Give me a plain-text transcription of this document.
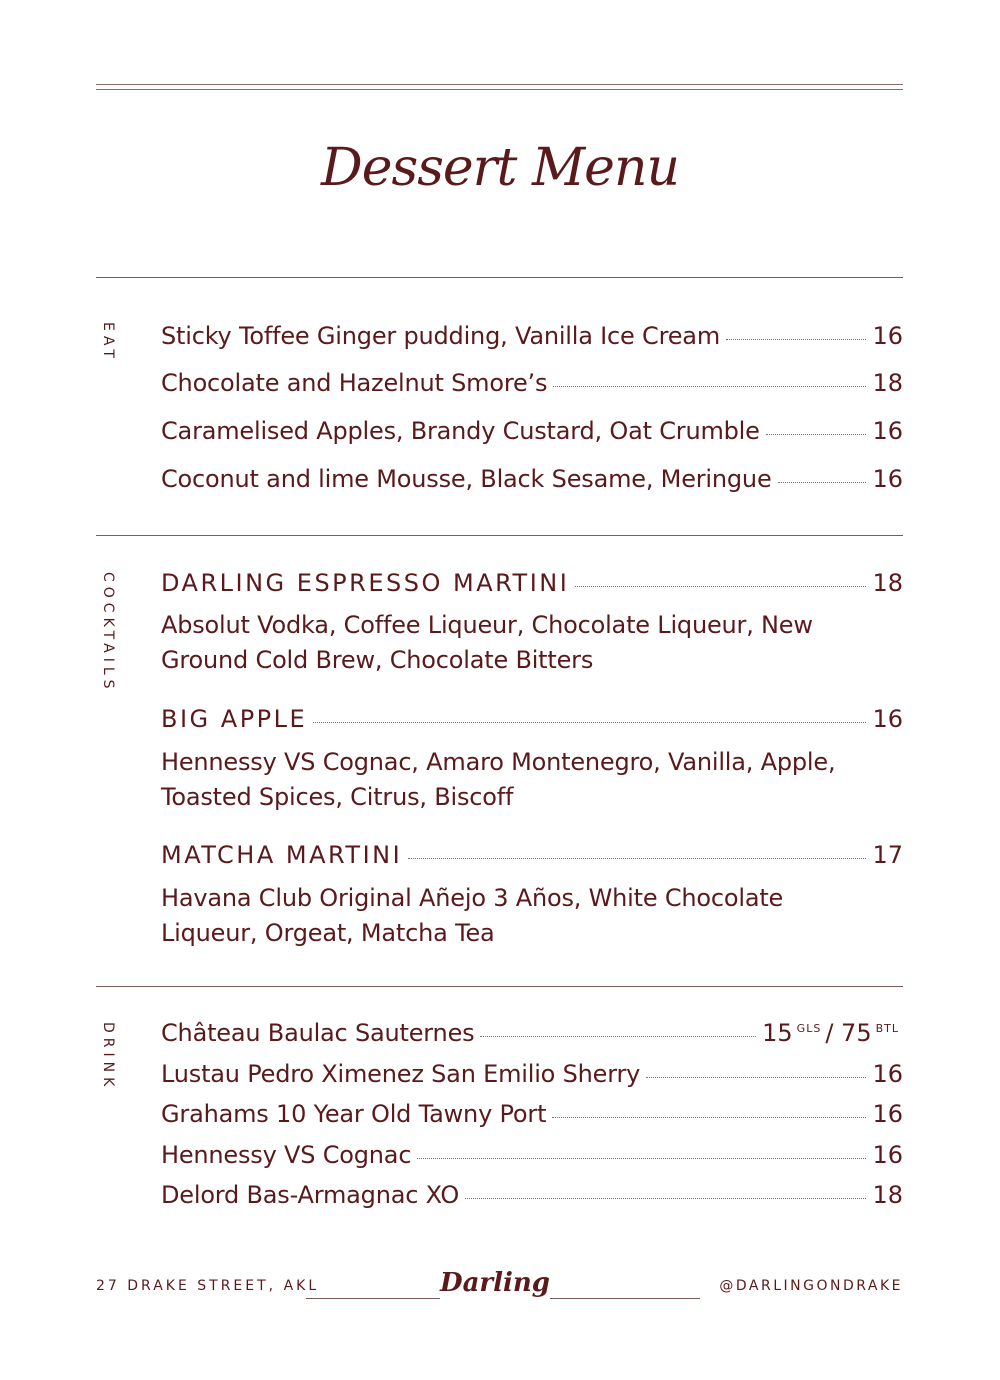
Dessert Menu
EAT Sticky Toffee Ginger pudding, Vanilla Ice Cream	16
Chocolate and Hazelnut Smore’s	18
Caramelised Apples, Brandy Custard, Oat Crumble	16
Coconut and lime Mousse, Black Sesame, Meringue	16
COCKTAILS DARLING ESPRESSO MARTINI	18
Absolut Vodka, Coffee Liqueur, Chocolate Liqueur, New
Ground Cold Brew, Chocolate Bitters
BIG APPLE	16
Hennessy VS Cognac, Amaro Montenegro, Vanilla, Apple,
Toasted Spices, Citrus, Biscoff
MATCHA MARTINI	17
Havana Club Original Añejo 3 Años, White Chocolate
Liqueur, Orgeat, Matcha Tea
DRINK Château Baulac Sauternes	15 $^{GLS}$ / 75 $^{BTL}$
Lustau Pedro Ximenez San Emilio Sherry	16
Grahams 10 Year Old Tawny Port	16
Hennessy VS Cognac	16
Delord Bas-Armagnac XO	18
27 DRAKE STREET, AKL	Darling	@DARLINGONDRAKE
